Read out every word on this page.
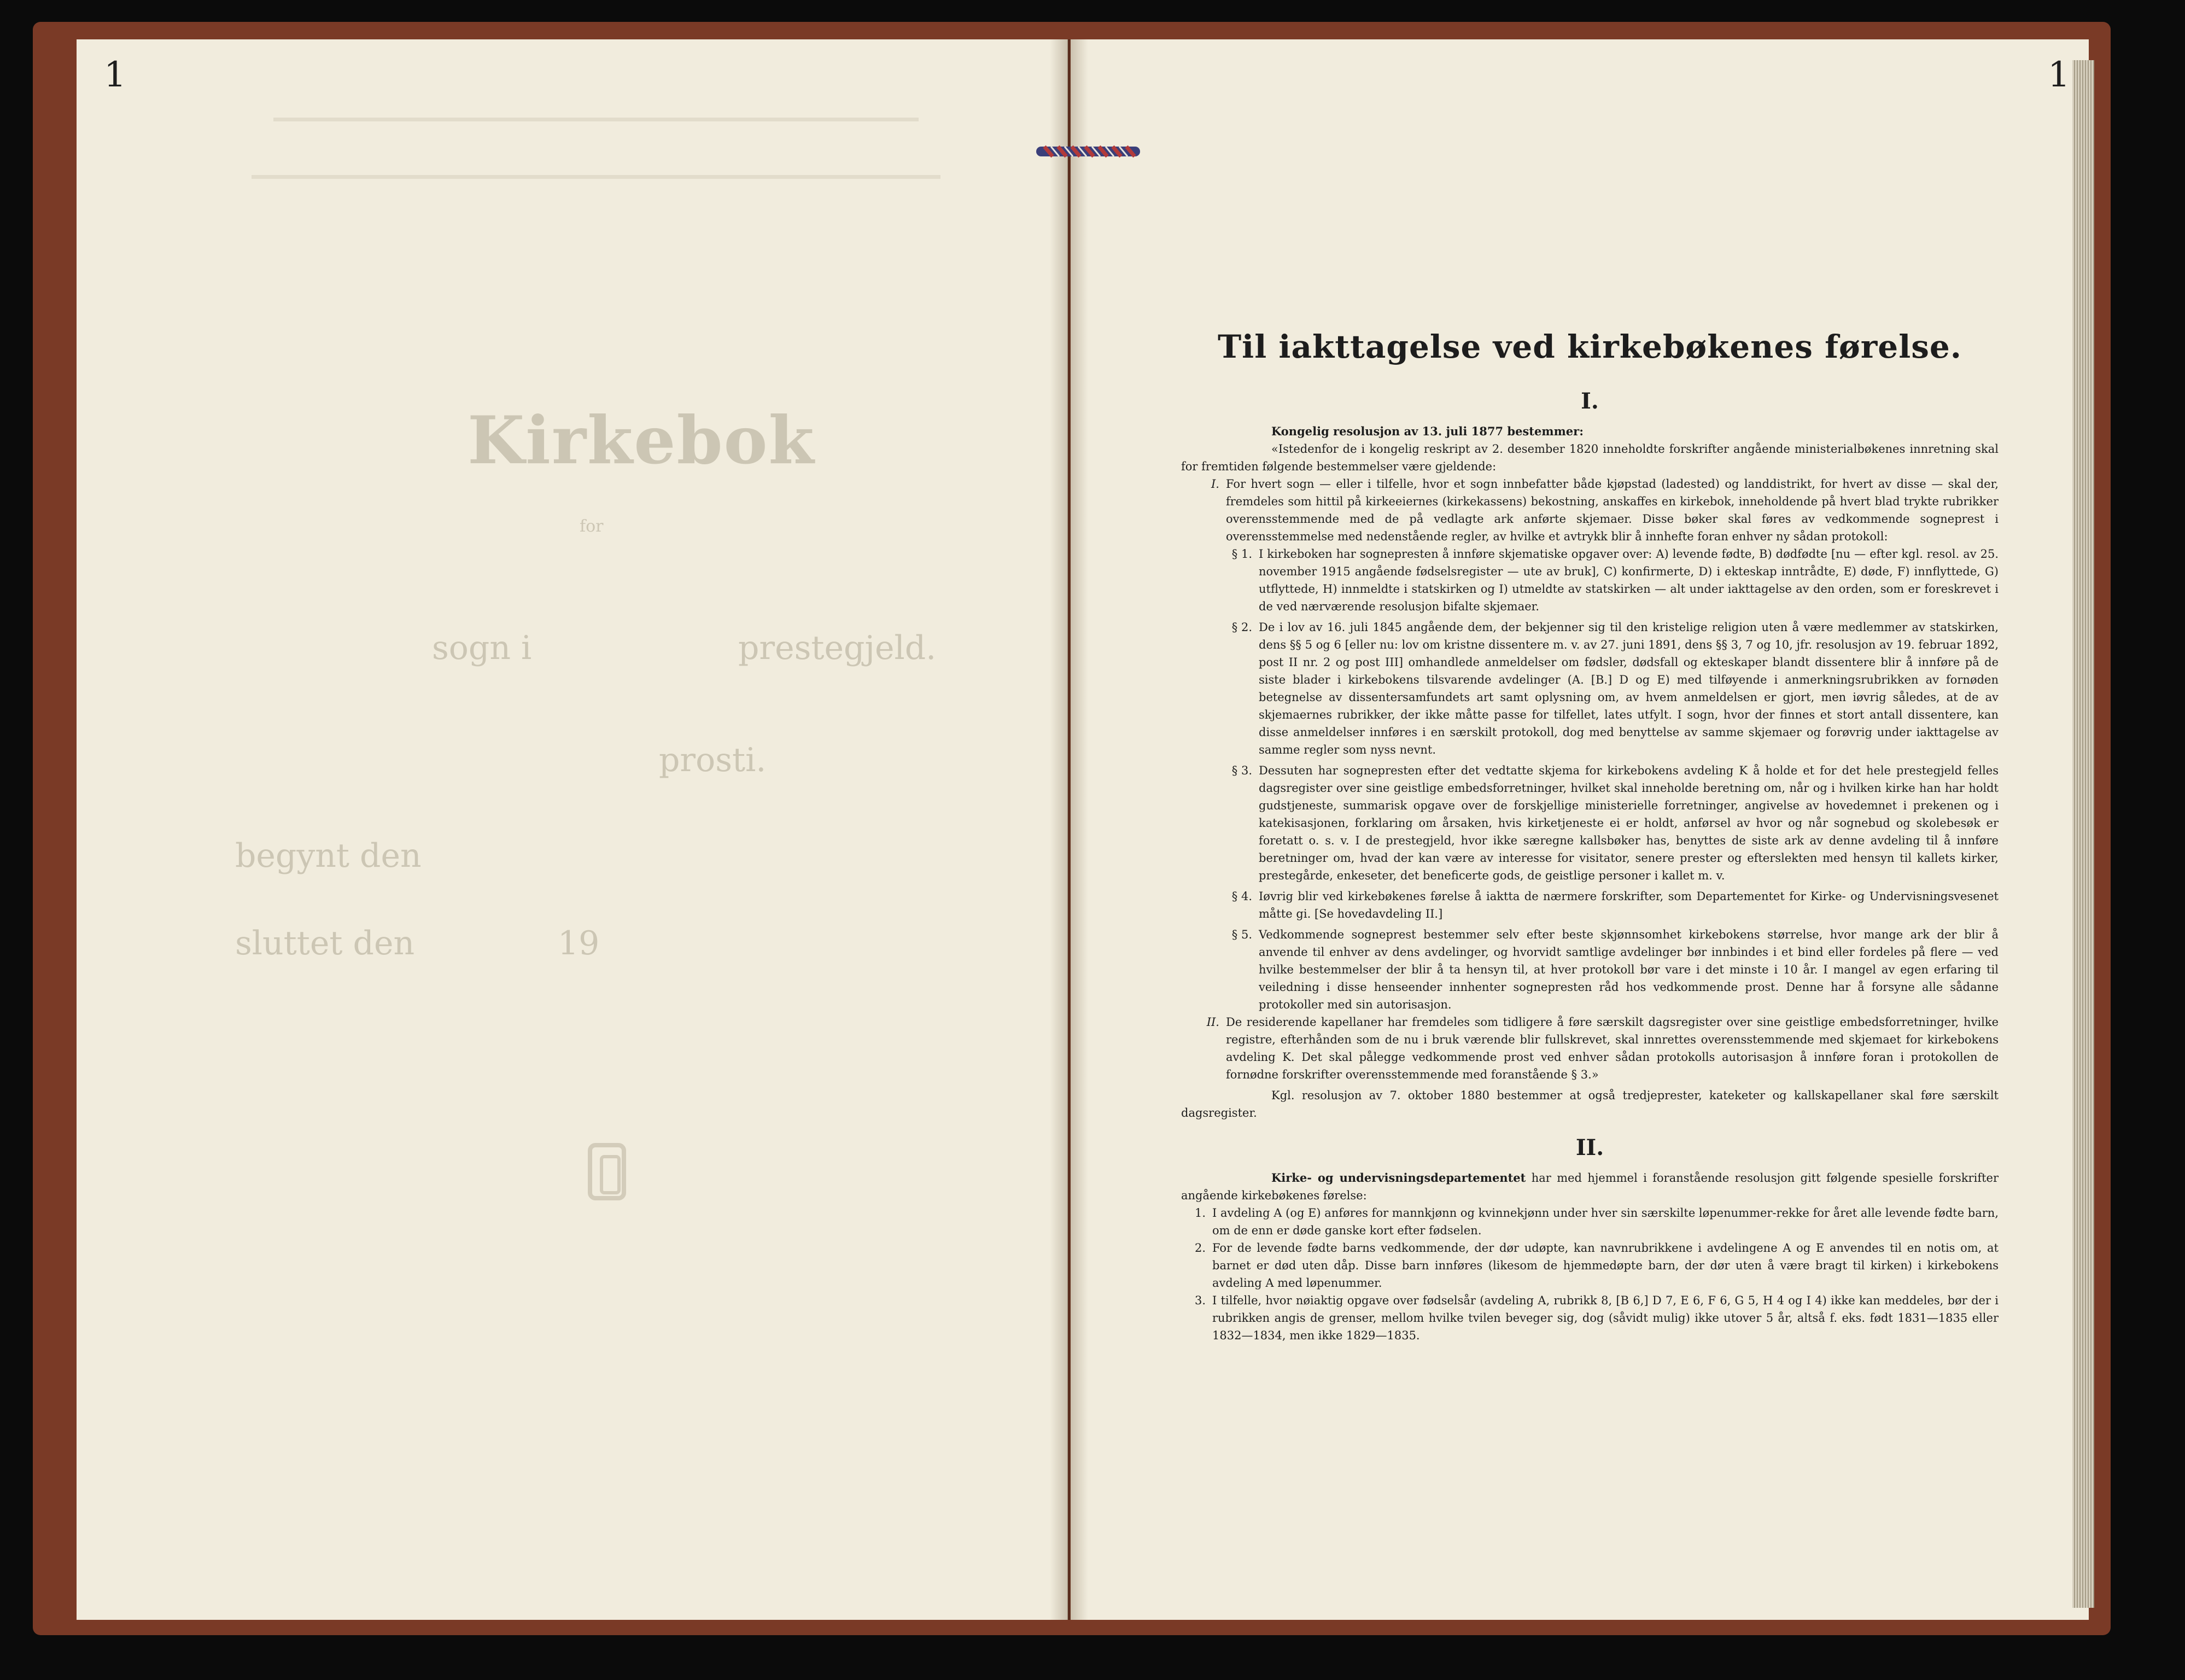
1	1
Kirkebok
for
sogn i	prestegjeld.
prosti.
begynt den
sluttet den	19
Til iakttagelse ved kirkebøkenes førelse.
I.

Kongelig resolusjon av 13. juli 1877 bestemmer:

«Istedenfor de i kongelig reskript av 2. desember 1820 inneholdte forskrifter angående ministerialbøkenes innretning skal for fremtiden følgende bestemmelser være gjeldende:

I. For hvert sogn — eller i tilfelle, hvor et sogn innbefatter både kjøpstad (ladested) og landdistrikt, for hvert av disse — skal der, fremdeles som hittil på kirkeeiernes (kirkekassens) bekostning, anskaffes en kirkebok, inneholdende på hvert blad trykte rubrikker overensstemmende med de på vedlagte ark anførte skjemaer. Disse bøker skal føres av vedkommende sogneprest i overensstemmelse med nedenstående regler, av hvilke et avtrykk blir å innhefte foran enhver ny sådan protokoll:

§ 1. I kirkeboken har sognepresten å innføre skjematiske opgaver over: A) levende fødte, B) dødfødte [nu — efter kgl. resol. av 25. november 1915 angående fødselsregister — ute av bruk], C) konfirmerte, D) i ekteskap inntrådte, E) døde, F) innflyttede, G) utflyttede, H) innmeldte i statskirken og I) utmeldte av statskirken — alt under iakttagelse av den orden, som er foreskrevet i de ved nærværende resolusjon bifalte skjemaer.

§ 2. De i lov av 16. juli 1845 angående dem, der bekjenner sig til den kristelige religion uten å være medlemmer av statskirken, dens §§ 5 og 6 [eller nu: lov om kristne dissentere m. v. av 27. juni 1891, dens §§ 3, 7 og 10, jfr. resolusjon av 19. februar 1892, post II nr. 2 og post III] omhandlede anmeldelser om fødsler, dødsfall og ekteskaper blandt dissentere blir å innføre på de siste blader i kirkebokens tilsvarende avdelinger (A. [B.] D og E) med tilføyende i anmerkningsrubrikken av fornøden betegnelse av dissentersamfundets art samt oplysning om, av hvem anmeldelsen er gjort, men iøvrig således, at de av skjemaernes rubrikker, der ikke måtte passe for tilfellet, lates utfylt. I sogn, hvor der finnes et stort antall dissentere, kan disse anmeldelser innføres i en særskilt protokoll, dog med benyttelse av samme skjemaer og forøvrig under iakttagelse av samme regler som nyss nevnt.

§ 3. Dessuten har sognepresten efter det vedtatte skjema for kirkebokens avdeling K å holde et for det hele prestegjeld felles dagsregister over sine geistlige embedsforretninger, hvilket skal inneholde beretning om, når og i hvilken kirke han har holdt gudstjeneste, summarisk opgave over de forskjellige ministerielle forretninger, angivelse av hovedemnet i prekenen og i katekisasjonen, forklaring om årsaken, hvis kirketjeneste ei er holdt, anførsel av hvor og når sognebud og skolebesøk er foretatt o. s. v. I de prestegjeld, hvor ikke særegne kallsbøker has, benyttes de siste ark av denne avdeling til å innføre beretninger om, hvad der kan være av interesse for visitator, senere prester og efterslekten med hensyn til kallets kirker, prestegårde, enkeseter, det beneficerte gods, de geistlige personer i kallet m. v.

§ 4. Iøvrig blir ved kirkebøkenes førelse å iaktta de nærmere forskrifter, som Departementet for Kirke- og Undervisningsvesenet måtte gi. [Se hovedavdeling II.]

§ 5. Vedkommende sogneprest bestemmer selv efter beste skjønnsomhet kirkebokens størrelse, hvor mange ark der blir å anvende til enhver av dens avdelinger, og hvorvidt samtlige avdelinger bør innbindes i et bind eller fordeles på flere — ved hvilke bestemmelser der blir å ta hensyn til, at hver protokoll bør vare i det minste i 10 år. I mangel av egen erfaring til veiledning i disse henseender innhenter sognepresten råd hos vedkommende prost. Denne har å forsyne alle sådanne protokoller med sin autorisasjon.

II. De residerende kapellaner har fremdeles som tidligere å føre særskilt dagsregister over sine geistlige embedsforretninger, hvilke registre, efterhånden som de nu i bruk værende blir fullskrevet, skal innrettes overensstemmende med skjemaet for kirkebokens avdeling K. Det skal pålegge vedkommende prost ved enhver sådan protokolls autorisasjon å innføre foran i protokollen de fornødne forskrifter overensstemmende med foranstående § 3.»

Kgl. resolusjon av 7. oktober 1880 bestemmer at også tredjeprester, kateketer og kallskapellaner skal føre særskilt dagsregister.

II.

Kirke- og undervisningsdepartementet har med hjemmel i foranstående resolusjon gitt følgende spesielle forskrifter angående kirkebøkenes førelse:

1. I avdeling A (og E) anføres for mannkjønn og kvinnekjønn under hver sin særskilte løpenummer-rekke for året alle levende fødte barn, om de enn er døde ganske kort efter fødselen.

2. For de levende fødte barns vedkommende, der dør udøpte, kan navnrubrikkene i avdelingene A og E anvendes til en notis om, at barnet er død uten dåp. Disse barn innføres (likesom de hjemmedøpte barn, der dør uten å være bragt til kirken) i kirkebokens avdeling A med løpenummer.

3. I tilfelle, hvor nøiaktig opgave over fødselsår (avdeling A, rubrikk 8, [B 6,] D 7, E 6, F 6, G 5, H 4 og I 4) ikke kan meddeles, bør der i rubrikken angis de grenser, mellom hvilke tvilen beveger sig, dog (såvidt mulig) ikke utover 5 år, altså f. eks. født 1831—1835 eller 1832—1834, men ikke 1829—1835.
